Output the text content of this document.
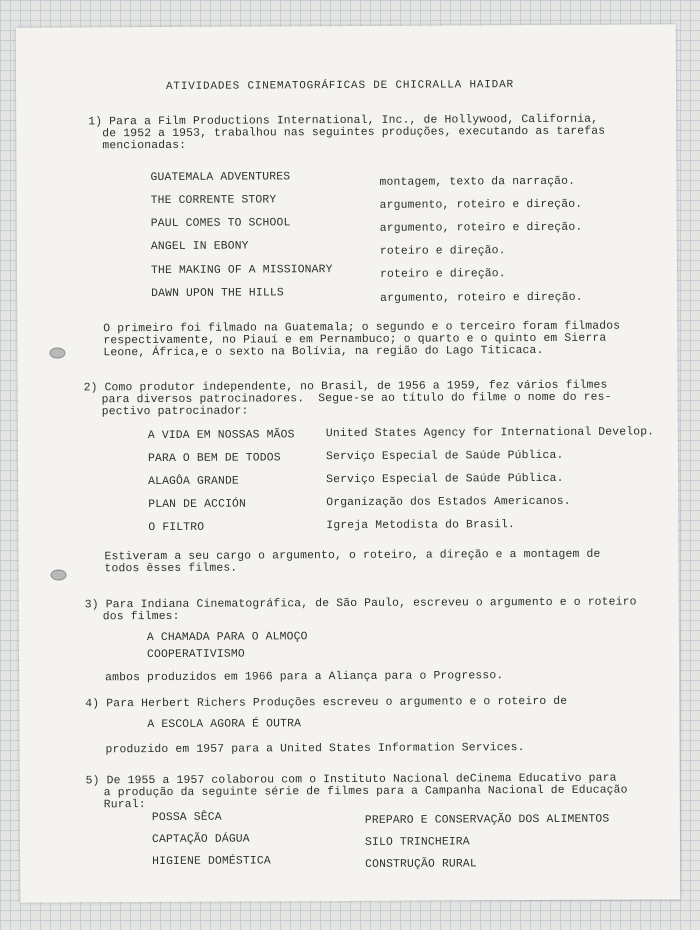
ATIVIDADES CINEMATOGRÁFICAS DE CHICRALLA HAIDAR
1) Para a Film Productions International, Inc., de Hollywood, California,
de 1952 a 1953, trabalhou nas seguintes produções, executando as tarefas
mencionadas:
GUATEMALA ADVENTURES	montagem, texto da narração.
THE CORRENTE STORY	argumento, roteiro e direção.
PAUL COMES TO SCHOOL	argumento, roteiro e direção.
ANGEL IN EBONY	roteiro e direção.
THE MAKING OF A MISSIONARY	roteiro e direção.
DAWN UPON THE HILLS	argumento, roteiro e direção.
O primeiro foi filmado na Guatemala; o segundo e o terceiro foram filmados
respectivamente, no Piauí e em Pernambuco; o quarto e o quinto em Sierra
Leone, África,e o sexto na Bolívia, na região do Lago Titicaca.
2) Como produtor independente, no Brasil, de 1956 a 1959, fez vários filmes
para diversos patrocinadores.  Segue-se ao título do filme o nome do res-
pectivo patrocinador:
A VIDA EM NOSSAS MÃOS	United States Agency for International Develop.
PARA O BEM DE TODOS	Serviço Especial de Saúde Pública.
ALAGÔA GRANDE	Serviço Especial de Saúde Pública.
PLAN DE ACCIÓN	Organização dos Estados Americanos.
O FILTRO	Igreja Metodista do Brasil.
Estiveram a seu cargo o argumento, o roteiro, a direção e a montagem de
todos êsses filmes.
3) Para Indiana Cinematográfica, de São Paulo, escreveu o argumento e o roteiro
dos filmes:
A CHAMADA PARA O ALMOÇO
COOPERATIVISMO
ambos produzidos em 1966 para a Aliança para o Progresso.
4) Para Herbert Richers Produções escreveu o argumento e o roteiro de
A ESCOLA AGORA É OUTRA
produzido em 1957 para a United States Information Services.
5) De 1955 a 1957 colaborou com o Instituto Nacional deCinema Educativo para
a produção da seguinte série de filmes para a Campanha Nacional de Educação
Rural:
POSSA SÊCA	PREPARO E CONSERVAÇÃO DOS ALIMENTOS
CAPTAÇÃO DÁGUA	SILO TRINCHEIRA
HIGIENE DOMÉSTICA	CONSTRUÇÃO RURAL
